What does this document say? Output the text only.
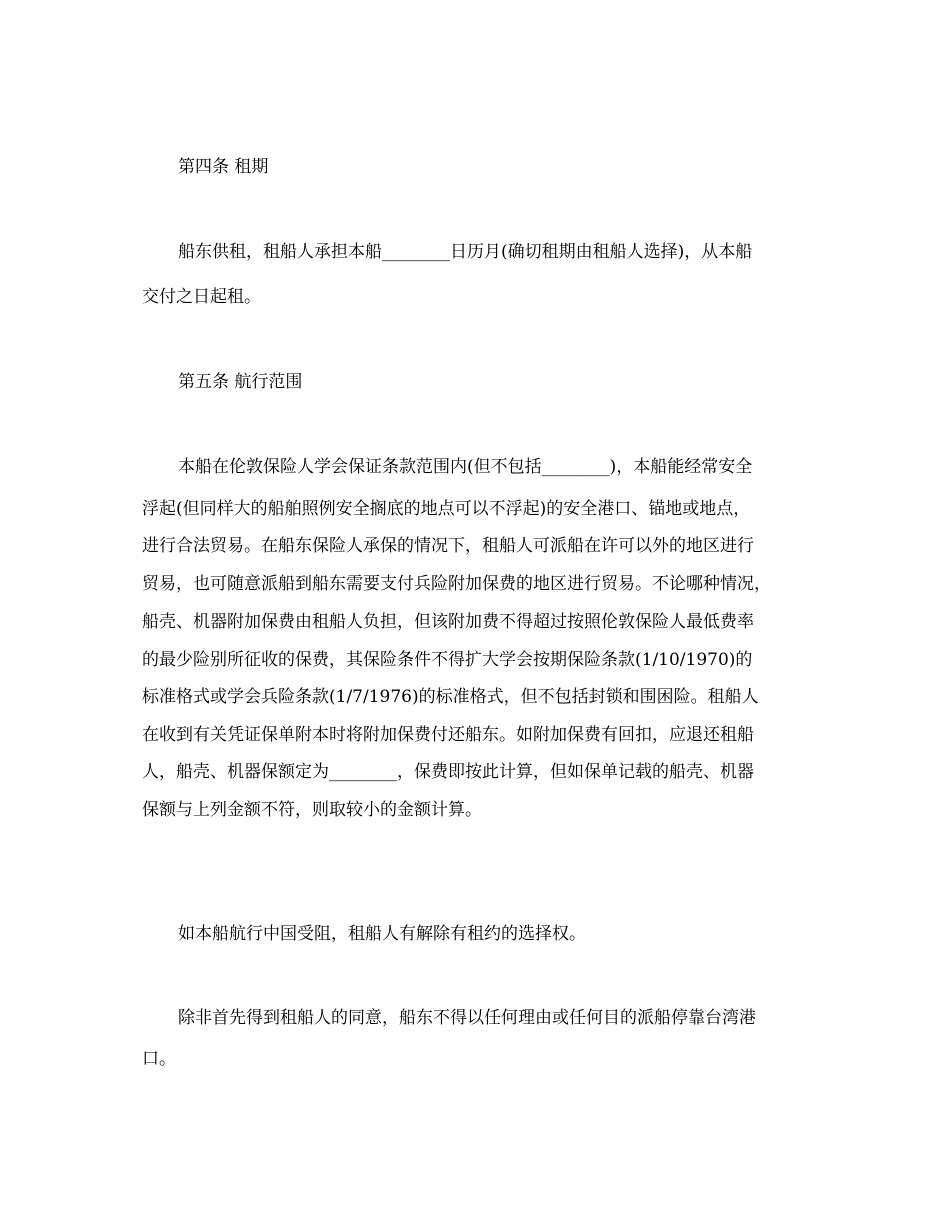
第四条 租期
船东供租，租船人承担本船________日历月(确切租期由租船人选择)，从本船
交付之日起租。
第五条 航行范围
本船在伦敦保险人学会保证条款范围内(但不包括________)，本船能经常安全
浮起(但同样大的船舶照例安全搁底的地点可以不浮起)的安全港口、锚地或地点，
进行合法贸易。在船东保险人承保的情况下，租船人可派船在许可以外的地区进行
贸易，也可随意派船到船东需要支付兵险附加保费的地区进行贸易。不论哪种情况，
船壳、机器附加保费由租船人负担，但该附加费不得超过按照伦敦保险人最低费率
的最少险别所征收的保费，其保险条件不得扩大学会按期保险条款(1/10/1970)的
标准格式或学会兵险条款(1/7/1976)的标准格式，但不包括封锁和围困险。租船人
在收到有关凭证保单附本时将附加保费付还船东。如附加保费有回扣，应退还租船
人，船壳、机器保额定为________，保费即按此计算，但如保单记载的船壳、机器
保额与上列金额不符，则取较小的金额计算。
如本船航行中国受阻，租船人有解除有租约的选择权。
除非首先得到租船人的同意，船东不得以任何理由或任何目的派船停靠台湾港
口。
